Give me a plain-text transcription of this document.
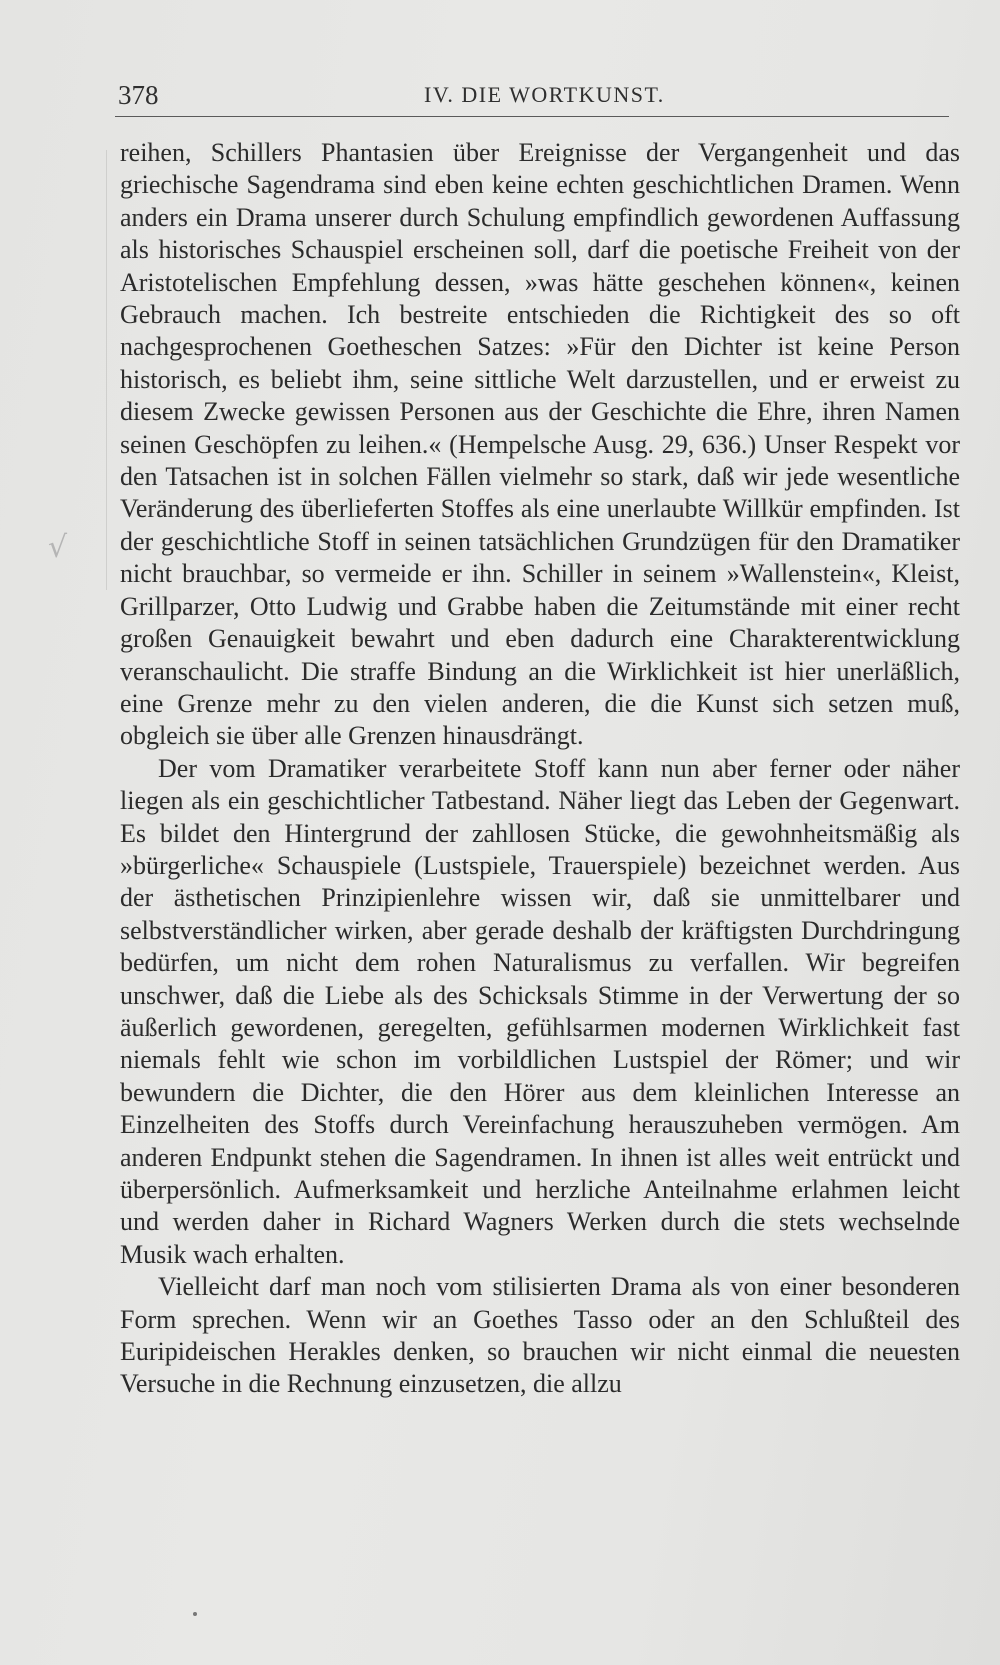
378	IV. DIE WORTKUNST.
√

reihen, Schillers Phantasien über Ereignisse der Vergangenheit und das griechische Sagendrama sind eben keine echten geschichtlichen Dramen. Wenn anders ein Drama unserer durch Schulung empfindlich gewordenen Auffassung als historisches Schauspiel erscheinen soll, darf die poetische Freiheit von der Aristotelischen Empfehlung dessen, »was hätte geschehen können«, keinen Gebrauch machen. Ich bestreite entschieden die Richtigkeit des so oft nachgesprochenen Goetheschen Satzes: »Für den Dichter ist keine Person historisch, es beliebt ihm, seine sittliche Welt darzustellen, und er erweist zu diesem Zwecke gewissen Personen aus der Geschichte die Ehre, ihren Namen seinen Geschöpfen zu leihen.« (Hempelsche Ausg. 29, 636.) Unser Respekt vor den Tatsachen ist in solchen Fällen vielmehr so stark, daß wir jede wesentliche Veränderung des überlieferten Stoffes als eine unerlaubte Willkür empfinden. Ist der geschichtliche Stoff in seinen tatsächlichen Grundzügen für den Dramatiker nicht brauchbar, so vermeide er ihn. Schiller in seinem »Wallenstein«, Kleist, Grillparzer, Otto Ludwig und Grabbe haben die Zeitumstände mit einer recht großen Genauigkeit bewahrt und eben dadurch eine Charakterentwicklung veranschaulicht. Die straffe Bindung an die Wirklichkeit ist hier unerläßlich, eine Grenze mehr zu den vielen anderen, die die Kunst sich setzen muß, obgleich sie über alle Grenzen hinausdrängt.

Der vom Dramatiker verarbeitete Stoff kann nun aber ferner oder näher liegen als ein geschichtlicher Tatbestand. Näher liegt das Leben der Gegenwart. Es bildet den Hintergrund der zahllosen Stücke, die gewohnheitsmäßig als »bürgerliche« Schauspiele (Lustspiele, Trauerspiele) bezeichnet werden. Aus der ästhetischen Prinzipienlehre wissen wir, daß sie unmittelbarer und selbstverständlicher wirken, aber gerade deshalb der kräftigsten Durchdringung bedürfen, um nicht dem rohen Naturalismus zu verfallen. Wir begreifen unschwer, daß die Liebe als des Schicksals Stimme in der Verwertung der so äußerlich gewordenen, geregelten, gefühlsarmen modernen Wirklichkeit fast niemals fehlt wie schon im vorbildlichen Lustspiel der Römer; und wir bewundern die Dichter, die den Hörer aus dem kleinlichen Interesse an Einzelheiten des Stoffs durch Vereinfachung herauszuheben vermögen. Am anderen Endpunkt stehen die Sagendramen. In ihnen ist alles weit entrückt und überpersönlich. Aufmerksamkeit und herzliche Anteilnahme erlahmen leicht und werden daher in Richard Wagners Werken durch die stets wechselnde Musik wach erhalten.

Vielleicht darf man noch vom stilisierten Drama als von einer besonderen Form sprechen. Wenn wir an Goethes Tasso oder an den Schlußteil des Euripideischen Herakles denken, so brauchen wir nicht einmal die neuesten Versuche in die Rechnung einzusetzen, die allzu
